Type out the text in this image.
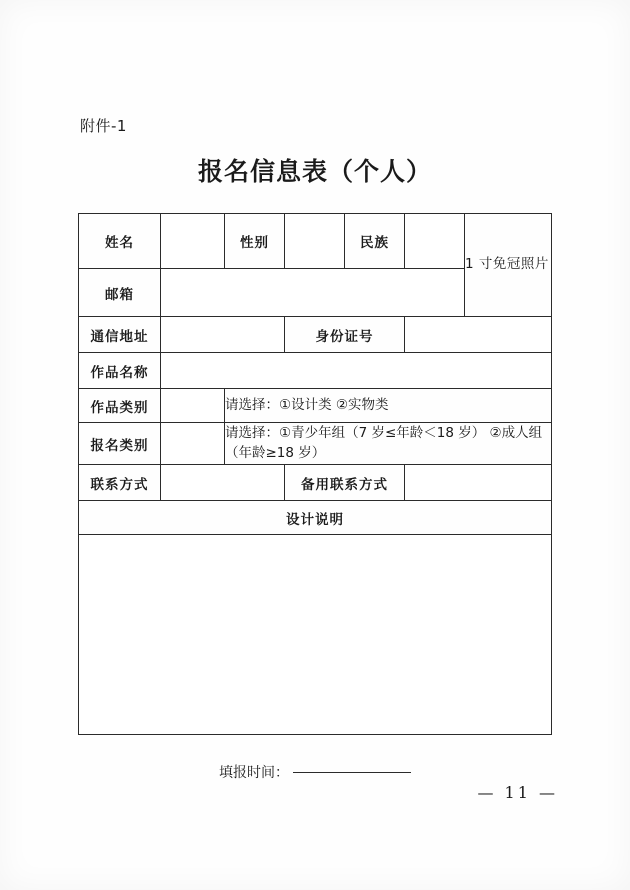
附件-1
报名信息表（个人）
姓名		性别		民族		1 寸免冠照片
邮箱						
通信地址			身份证号			
作品名称						
作品类别		请选择：①设计类 ②实物类				
报名类别		请选择：①青少年组（7 岁≤年龄＜18 岁） ②成人组（年龄≥18 岁）				
联系方式			备用联系方式			
设计说明						

填报时间：
— 11 —
